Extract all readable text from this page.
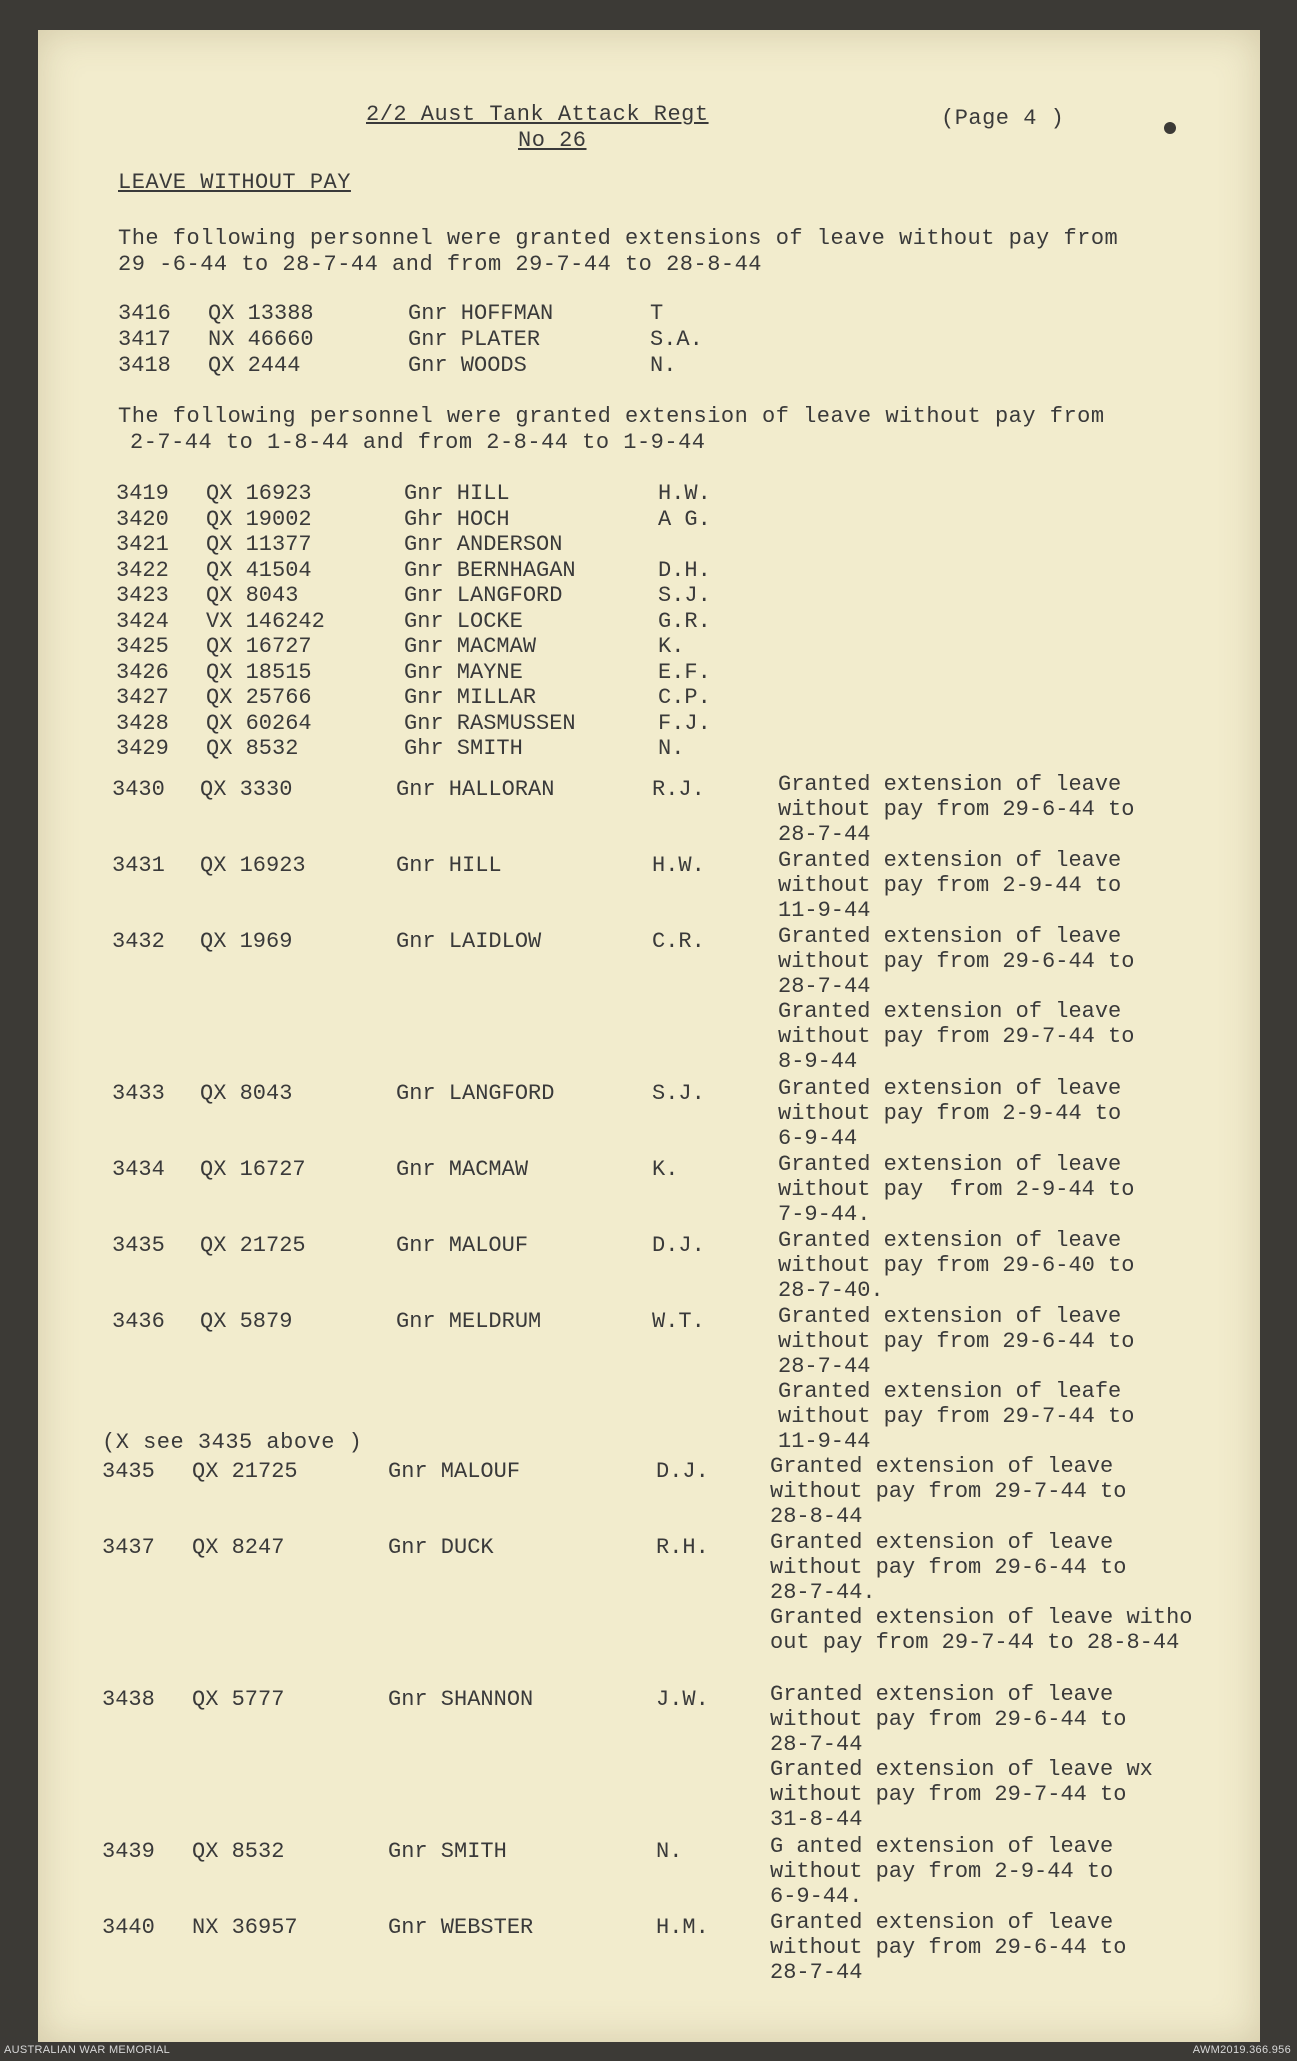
2/2 Aust Tank Attack Regt
No 26
(Page 4 )
LEAVE WITHOUT PAY
The following personnel were granted extensions of leave without pay from
29 -6-44 to 28-7-44 and from 29-7-44 to 28-8-44
3416 QX 13388	Gnr HOFFMAN	T
3417 NX 46660	Gnr PLATER	S.A.
3418 QX 2444	Gnr WOODS	N.
The following personnel were granted extension of leave without pay from
2-7-44 to 1-8-44 and from 2-8-44 to 1-9-44
3419 QX 16923	Gnr HILL	H.W.
3420 QX 19002	Ghr HOCH	A G.
3421 QX 11377	Gnr ANDERSON
3422 QX 41504	Gnr BERNHAGAN	D.H.
3423 QX 8043	Gnr LANGFORD	S.J.
3424 VX 146242	Gnr LOCKE	G.R.
3425 QX 16727	Gnr MACMAW	K.
3426 QX 18515	Gnr MAYNE	E.F.
3427 QX 25766	Gnr MILLAR	C.P.
3428 QX 60264	Gnr RASMUSSEN	F.J.
3429 QX 8532	Ghr SMITH	N.
3430 QX 3330	Gnr HALLORAN	R.J.	Granted extension of leave
without pay from 29-6-44 to
28-7-44
3431 QX 16923	Gnr HILL	H.W.	Granted extension of leave
without pay from 2-9-44 to
11-9-44
3432 QX 1969	Gnr LAIDLOW	C.R.	Granted extension of leave
without pay from 29-6-44 to
28-7-44
Granted extension of leave
without pay from 29-7-44 to
8-9-44
3433 QX 8043	Gnr LANGFORD	S.J.	Granted extension of leave
without pay from 2-9-44 to
6-9-44
3434 QX 16727	Gnr MACMAW	K.	Granted extension of leave
without pay  from 2-9-44 to
7-9-44.
3435 QX 21725	Gnr MALOUF	D.J.	Granted extension of leave
without pay from 29-6-40 to
28-7-40.
3436 QX 5879	Gnr MELDRUM	W.T.	Granted extension of leave
without pay from 29-6-44 to
28-7-44
Granted extension of leafe
without pay from 29-7-44 to
11-9-44
(X see 3435 above )
3435 QX 21725	Gnr MALOUF	D.J.	Granted extension of leave
without pay from 29-7-44 to
28-8-44
3437 QX 8247	Gnr DUCK	R.H.	Granted extension of leave
without pay from 29-6-44 to
28-7-44.
Granted extension of leave witho
out pay from 29-7-44 to 28-8-44
3438 QX 5777	Gnr SHANNON	J.W.	Granted extension of leave
without pay from 29-6-44 to
28-7-44
Granted extension of leave wx
without pay from 29-7-44 to
31-8-44
3439 QX 8532	Gnr SMITH	N.	G anted extension of leave
without pay from 2-9-44 to
6-9-44.
3440 NX 36957	Gnr WEBSTER	H.M.	Granted extension of leave
without pay from 29-6-44 to
28-7-44
AUSTRALIAN WAR MEMORIAL	AWM2019.366.956
